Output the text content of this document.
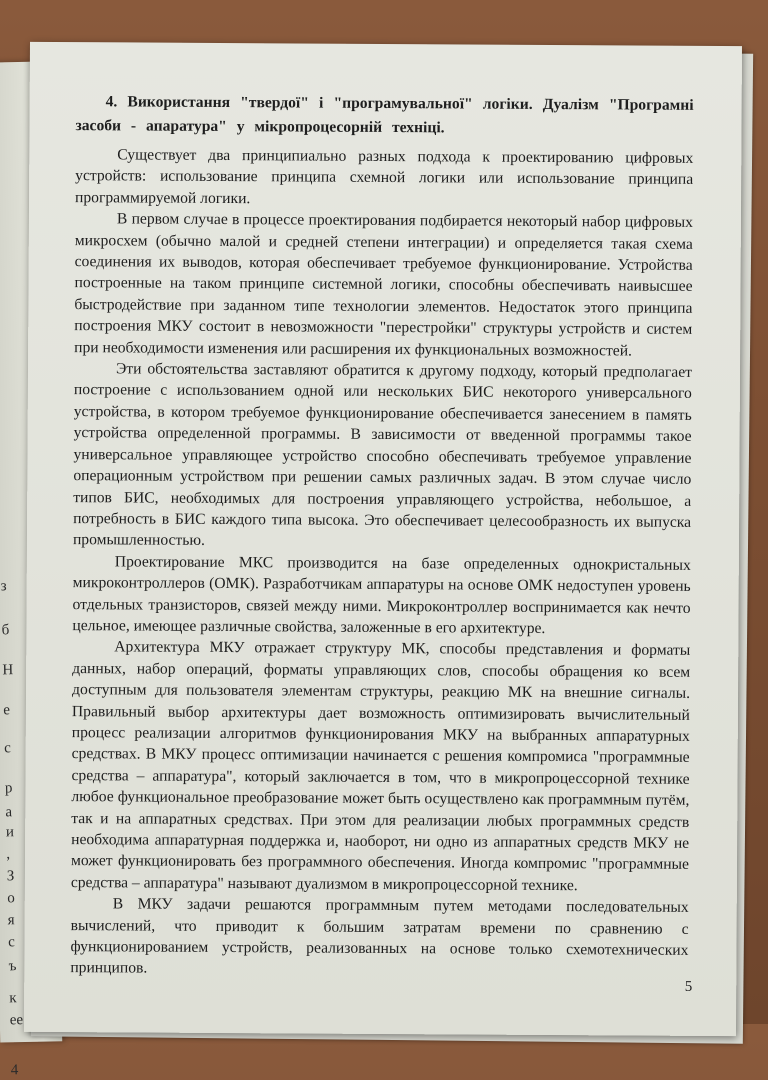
з
б
Н
е
с
р
а
и
,
З
о
я
с
ъ
к
ее
4

4. Використання "твердої" і "програмувальної" логіки. Дуалізм "Програмні засоби - апаратура" у мікропроцесорній техніці.

Существует два принципиально разных подхода к проектированию цифровых устройств: использование принципа схемной логики или использование принципа программируемой логики.

В первом случае в процессе проектирования подбирается некоторый набор цифровых микросхем (обычно малой и средней степени интеграции) и определяется такая схема соединения их выводов, которая обеспечивает требуемое функционирование. Устройства построенные на таком принципе системной логики, способны обеспечивать наивысшее быстродействие при заданном типе технологии элементов. Недостаток этого принципа построения МКУ состоит в невозможности "перестройки" структуры устройств и систем при необходимости изменения или расширения их функциональных возможностей.

Эти обстоятельства заставляют обратится к другому подходу, который предполагает построение с использованием одной или нескольких БИС некоторого универсального устройства, в котором требуемое функционирование обеспечивается занесением в память устройства определенной программы. В зависимости от введенной программы такое универсальное управляющее устройство способно обеспечивать требуемое управление операционным устройством при решении самых различных задач. В этом случае число типов БИС, необходимых для построения управляющего устройства, небольшое, а потребность в БИС каждого типа высока. Это обеспечивает целесообразность их выпуска промышленностью.

Проектирование МКС производится на базе определенных однокристальных микроконтроллеров (ОМК). Разработчикам аппаратуры на основе ОМК недоступен уровень отдельных транзисторов, связей между ними. Микроконтроллер воспринимается как нечто цельное, имеющее различные свойства, заложенные в его архитектуре.

Архитектура МКУ отражает структуру МК, способы представления и форматы данных, набор операций, форматы управляющих слов, способы обращения ко всем доступным для пользователя элементам структуры, реакцию МК на внешние сигналы. Правильный выбор архитектуры дает возможность оптимизировать вычислительный процесс реализации алгоритмов функционирования МКУ на выбранных аппаратурных средствах. В МКУ процесс оптимизации начинается с решения компромиса "программные средства – аппаратура", который заключается в том, что в микропроцессорной технике любое функциональное преобразование может быть осуществлено как программным путём, так и на аппаратных средствах. При этом для реализации любых программных средств необходима аппаратурная поддержка и, наоборот, ни одно из аппаратных средств МКУ не может функционировать без программного обеспечения. Иногда компромис "программные средства – аппаратура" называют дуализмом в микропроцессорной технике.

В МКУ задачи решаются программным путем методами последовательных вычислений, что приводит к большим затратам времени по сравнению с функционированием устройств, реализованных на основе только схемотехнических принципов.

5
